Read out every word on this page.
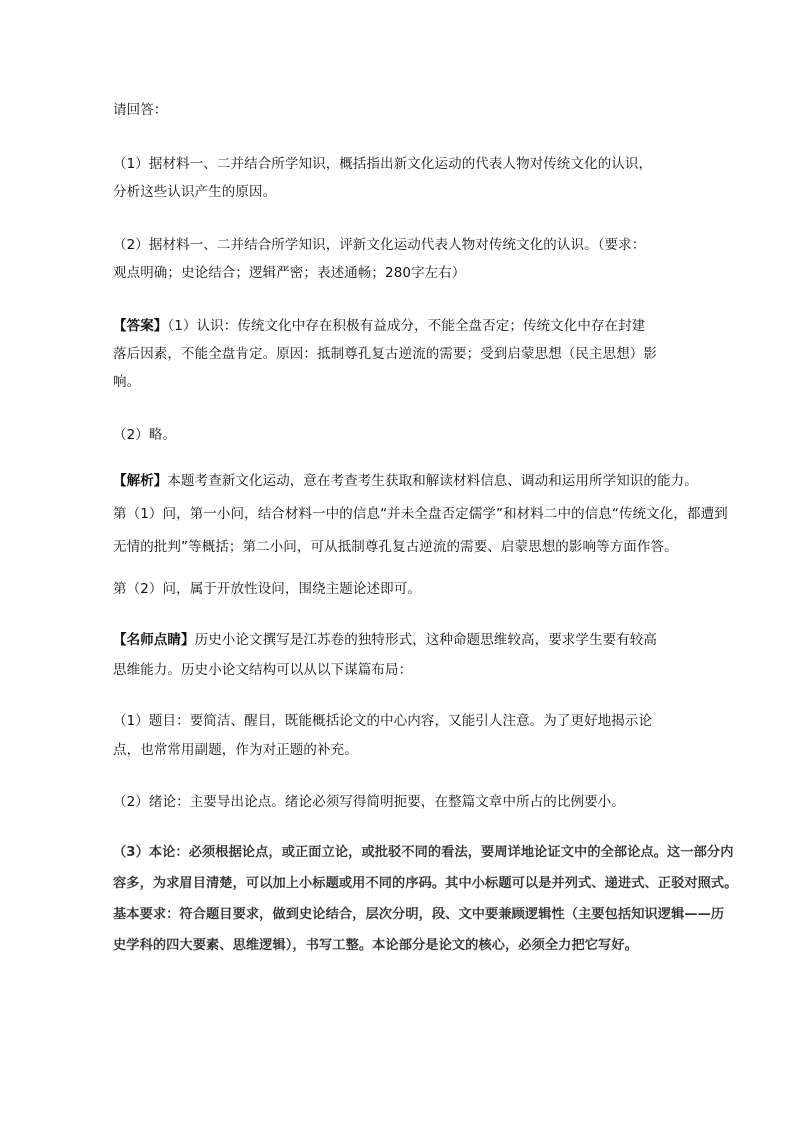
请回答：
（1）据材料一、二并结合所学知识，概括指出新文化运动的代表人物对传统文化的认识，
分析这些认识产生的原因。
（2）据材料一、二并结合所学知识，评新文化运动代表人物对传统文化的认识。（要求：
观点明确；史论结合；逻辑严密；表述通畅；280字左右）
【答案】（1）认识：传统文化中存在积极有益成分，不能全盘否定；传统文化中存在封建
落后因素，不能全盘肯定。原因：抵制尊孔复古逆流的需要；受到启蒙思想（民主思想）影
响。
（2）略。
【解析】本题考查新文化运动，意在考查考生获取和解读材料信息、调动和运用所学知识的能力。
第（1）问，第一小问，结合材料一中的信息“并未全盘否定儒学”和材料二中的信息“传统文化，都遭到
无情的批判”等概括；第二小问，可从抵制尊孔复古逆流的需要、启蒙思想的影响等方面作答。
第（2）问，属于开放性设问，围绕主题论述即可。
【名师点睛】历史小论文撰写是江苏卷的独特形式，这种命题思维较高，要求学生要有较高
思维能力。历史小论文结构可以从以下谋篇布局：
（1）题目：要简洁、醒目，既能概括论文的中心内容，又能引人注意。为了更好地揭示论
点，也常常用副题，作为对正题的补充。
（2）绪论：主要导出论点。绪论必须写得简明扼要，在整篇文章中所占的比例要小。
（3）本论：必须根据论点，或正面立论，或批驳不同的看法，要周详地论证文中的全部论点。这一部分内
容多，为求眉目清楚，可以加上小标题或用不同的序码。其中小标题可以是并列式、递进式、正驳对照式。
基本要求：符合题目要求，做到史论结合，层次分明，段、文中要兼顾逻辑性（主要包括知识逻辑——历
史学科的四大要素、思维逻辑），书写工整。本论部分是论文的核心，必须全力把它写好。
